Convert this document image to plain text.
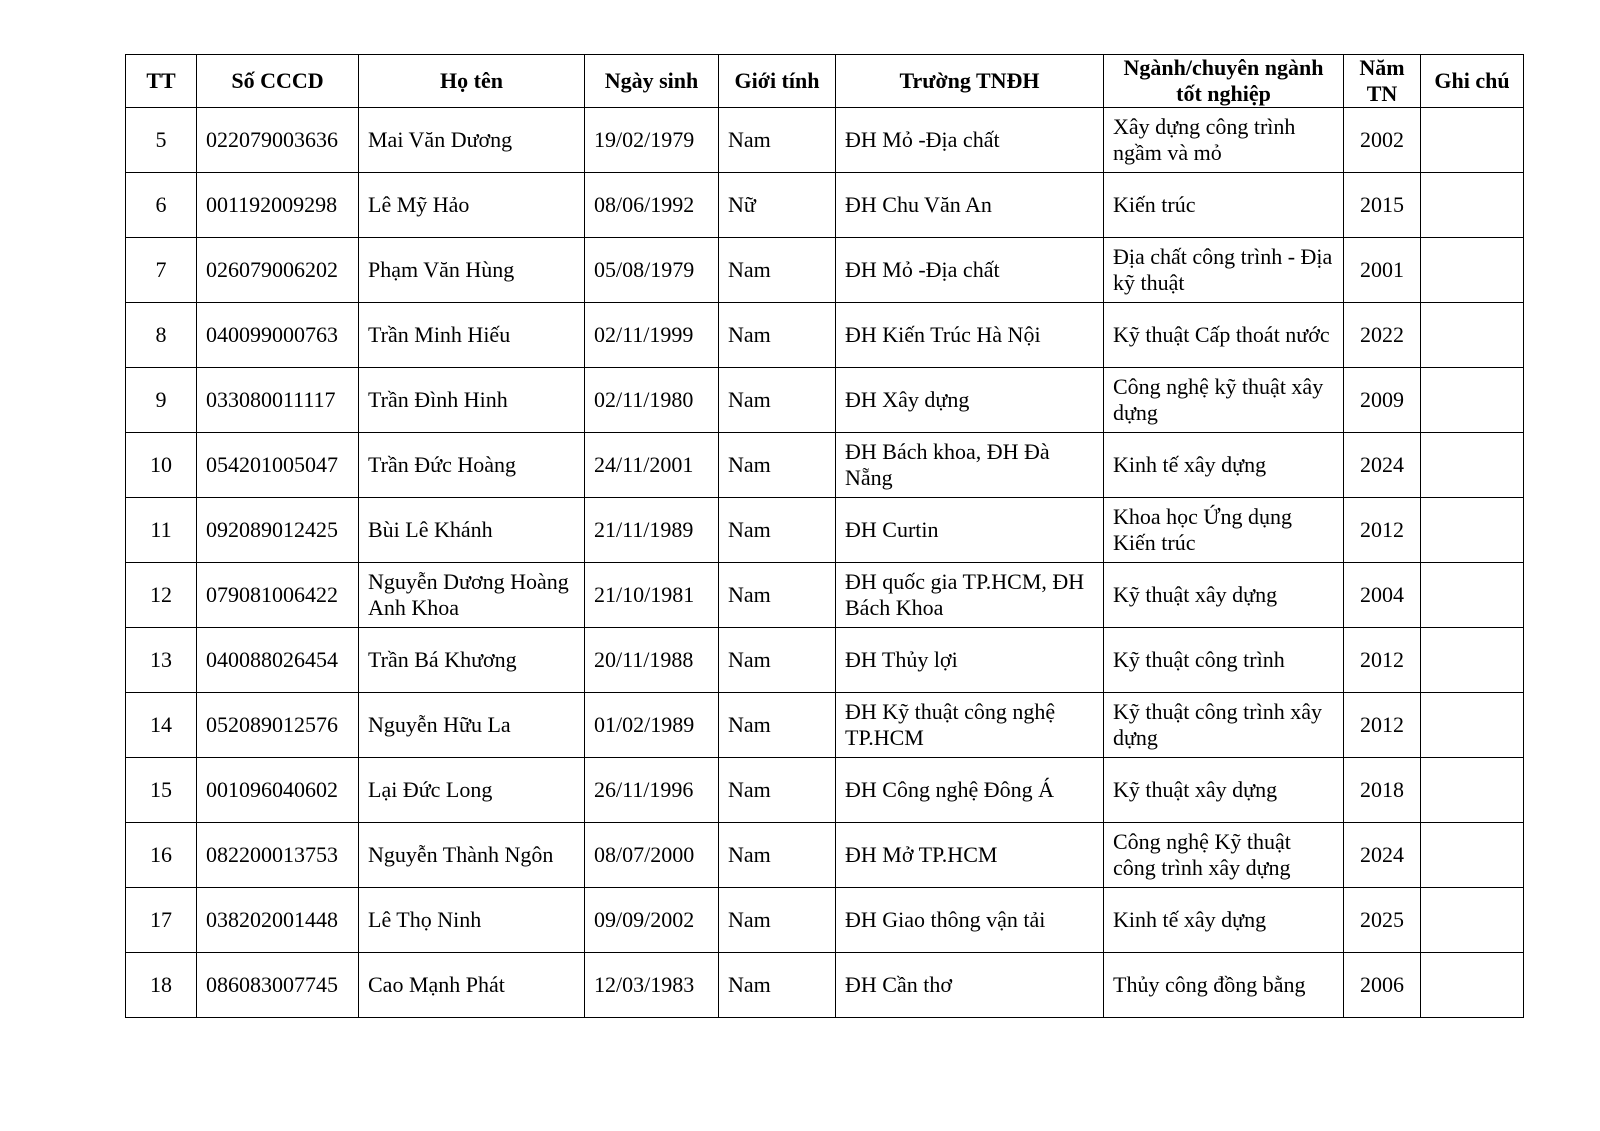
TT	Số CCCD	Họ tên	Ngày sinh	Giới tính	Trường TNĐH	Ngành/chuyên ngành tốt nghiệp	Năm TN	Ghi chú
5	022079003636	Mai Văn Dương	19/02/1979	Nam	ĐH Mỏ -Địa chất	Xây dựng công trình ngầm và mỏ	2002	
6	001192009298	Lê Mỹ Hảo	08/06/1992	Nữ	ĐH Chu Văn An	Kiến trúc	2015	
7	026079006202	Phạm Văn Hùng	05/08/1979	Nam	ĐH Mỏ -Địa chất	Địa chất công trình - Địa kỹ thuật	2001	
8	040099000763	Trần Minh Hiếu	02/11/1999	Nam	ĐH Kiến Trúc Hà Nội	Kỹ thuật Cấp thoát nước	2022	
9	033080011117	Trần Đình Hinh	02/11/1980	Nam	ĐH Xây dựng	Công nghệ kỹ thuật xây dựng	2009	
10	054201005047	Trần Đức Hoàng	24/11/2001	Nam	ĐH Bách khoa, ĐH Đà Nẵng	Kinh tế xây dựng	2024	
11	092089012425	Bùi Lê Khánh	21/11/1989	Nam	ĐH Curtin	Khoa học Ứng dụng Kiến trúc	2012	
12	079081006422	Nguyễn Dương Hoàng Anh Khoa	21/10/1981	Nam	ĐH quốc gia TP.HCM, ĐH Bách Khoa	Kỹ thuật xây dựng	2004	
13	040088026454	Trần Bá Khương	20/11/1988	Nam	ĐH Thủy lợi	Kỹ thuật công trình	2012	
14	052089012576	Nguyễn Hữu La	01/02/1989	Nam	ĐH Kỹ thuật công nghệ TP.HCM	Kỹ thuật công trình xây dựng	2012	
15	001096040602	Lại Đức Long	26/11/1996	Nam	ĐH Công nghệ Đông Á	Kỹ thuật xây dựng	2018	
16	082200013753	Nguyễn Thành Ngôn	08/07/2000	Nam	ĐH Mở TP.HCM	Công nghệ Kỹ thuật công trình xây dựng	2024	
17	038202001448	Lê Thọ Ninh	09/09/2002	Nam	ĐH Giao thông vận tải	Kinh tế xây dựng	2025	
18	086083007745	Cao Mạnh Phát	12/03/1983	Nam	ĐH Cần thơ	Thủy công đồng bằng	2006	
